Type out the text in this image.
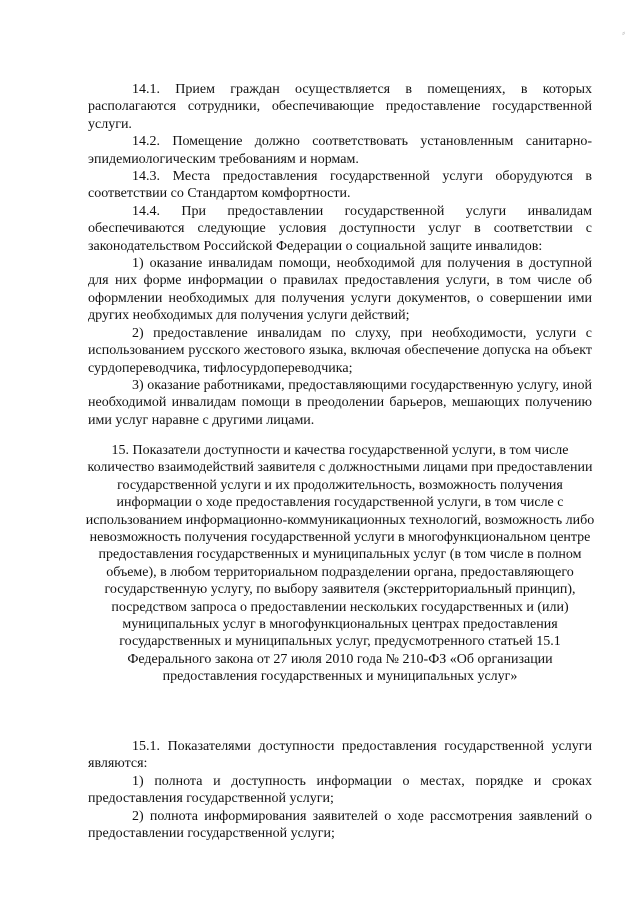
⸗

14.1. Прием граждан осуществляется в помещениях, в которых располагаются сотрудники, обеспечивающие предоставление государственной услуги.

14.2. Помещение должно соответствовать установленным санитарно-эпидемиологическим требованиям и нормам.

14.3. Места предоставления государственной услуги оборудуются в соответствии со Стандартом комфортности.

14.4. При предоставлении государственной услуги инвалидам обеспечиваются следующие условия доступности услуг в соответствии с законодательством Российской Федерации о социальной защите инвалидов:

1) оказание инвалидам помощи, необходимой для получения в доступной для них форме информации о правилах предоставления услуги, в том числе об оформлении необходимых для получения услуги документов, о совершении ими других необходимых для получения услуги действий;

2) предоставление инвалидам по слуху, при необходимости, услуги с использованием русского жестового языка, включая обеспечение допуска на объект сурдопереводчика, тифлосурдопереводчика;

3) оказание работниками, предоставляющими государственную услугу, иной необходимой инвалидам помощи в преодолении барьеров, мешающих получению ими услуг наравне с другими лицами.

15. Показатели доступности и качества государственной услуги, в том числе количество взаимодействий заявителя с должностными лицами при предоставлении государственной услуги и их продолжительность, возможность получения информации о ходе предоставления государственной услуги, в том числе с использованием информационно-коммуникационных технологий, возможность либо невозможность получения государственной услуги в многофункциональном центре предоставления государственных и муниципальных услуг (в том числе в полном объеме), в любом территориальном подразделении органа, предоставляющего государственную услугу, по выбору заявителя (экстерриториальный принцип), посредством запроса о предоставлении нескольких государственных и (или) муниципальных услуг в многофункциональных центрах предоставления государственных и муниципальных услуг, предусмотренного статьей 15.1 Федерального закона от 27 июля 2010 года № 210-ФЗ «Об организации предоставления государственных и муниципальных услуг»

15.1. Показателями доступности предоставления государственной услуги являются:

1) полнота и доступность информации о местах, порядке и сроках предоставления государственной услуги;

2) полнота информирования заявителей о ходе рассмотрения заявлений о предоставлении государственной услуги;
